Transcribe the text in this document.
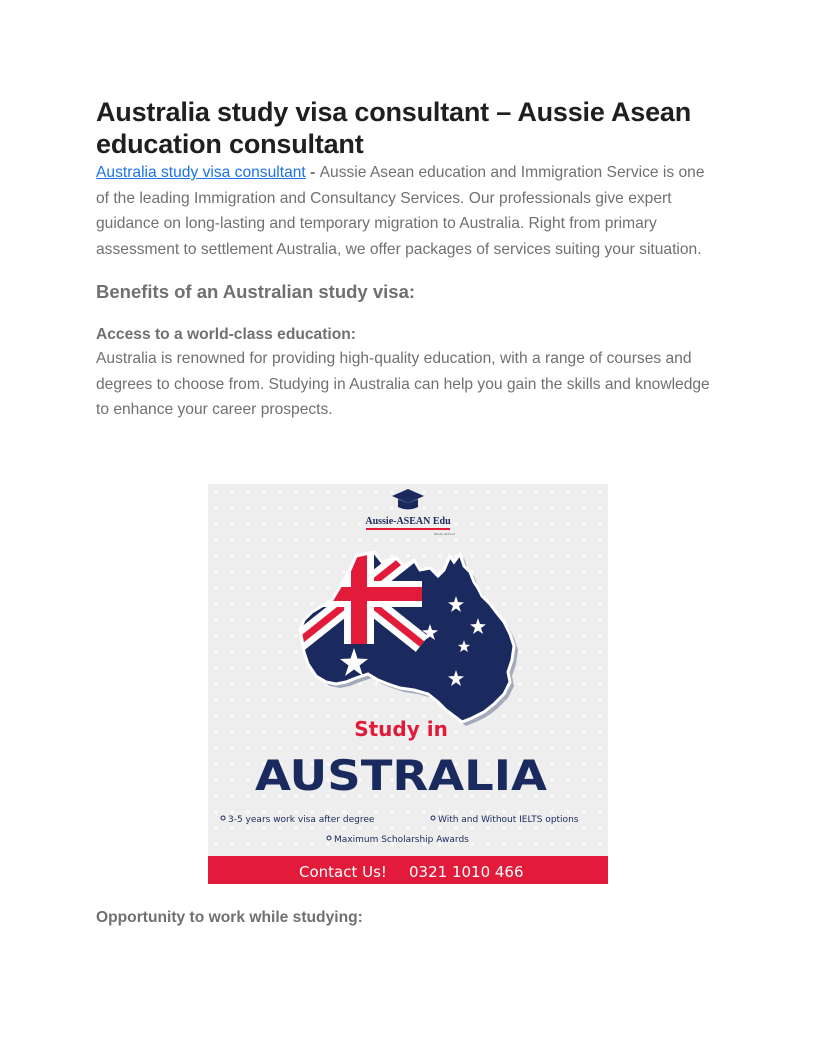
Australia study visa consultant – Aussie Asean education consultant

Australia study visa consultant - Aussie Asean education and Immigration Service is one of the leading Immigration and Consultancy Services. Our professionals give expert guidance on long-lasting and temporary migration to Australia. Right from primary assessment to settlement Australia, we offer packages of services suiting your situation.

Benefits of an Australian study visa:
Access to a world-class education:

Australia is renowned for providing high-quality education, with a range of courses and degrees to choose from. Studying in Australia can help you gain the skills and knowledge to enhance your career prospects.

Aussie-ASEAN Edu
Study Abroad
Study in
AUSTRALIA
3-5 years work visa after degree	With and Without IELTS options
Maximum Scholarship Awards
Contact Us! 0321 1010 466
Opportunity to work while studying:
